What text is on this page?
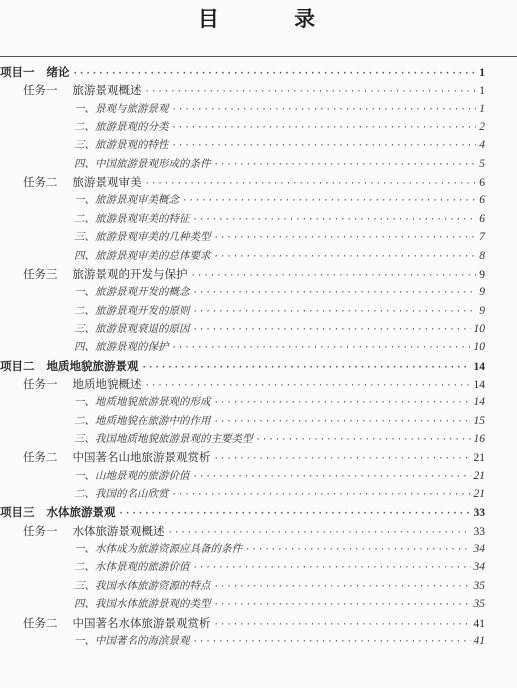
目 录
项目一 绪论 ·····	1
任务一 旅游景观概述 ·····	1
一、景观与旅游景观 ·····	1
二、旅游景观的分类 ·····	2
三、旅游景观的特性 ·····	4
四、中国旅游景观形成的条件 ·····	5
任务二 旅游景观审美 ·····	6
一、旅游景观审美概念 ·····	6
二、旅游景观审美的特征 ·····	6
三、旅游景观审美的几种类型 ·····	7
四、旅游景观审美的总体要求 ·····	8
任务三 旅游景观的开发与保护 ·····	9
一、旅游景观开发的概念 ·····	9
二、旅游景观开发的原则 ·····	9
三、旅游景观衰退的原因 ·····	10
四、旅游景观的保护 ·····	10
项目二 地质地貌旅游景观 ·····	14
任务一 地质地貌概述 ·····	14
一、地质地貌旅游景观的形成 ·····	14
二、地质地貌在旅游中的作用 ·····	15
三、我国地质地貌旅游景观的主要类型 ·····	16
任务二 中国著名山地旅游景观赏析 ·····	21
一、山地景观的旅游价值 ·····	21
二、我国的名山欣赏 ·····	21
项目三 水体旅游景观 ·····	33
任务一 水体旅游景观概述 ·····	33
一、水体成为旅游资源应具备的条件 ·····	34
二、水体景观的旅游价值 ·····	34
三、我国水体旅游资源的特点 ·····	35
四、我国水体旅游景观的类型 ·····	35
任务二 中国著名水体旅游景观赏析 ·····	41
一、中国著名的海滨景观 ·····	41
